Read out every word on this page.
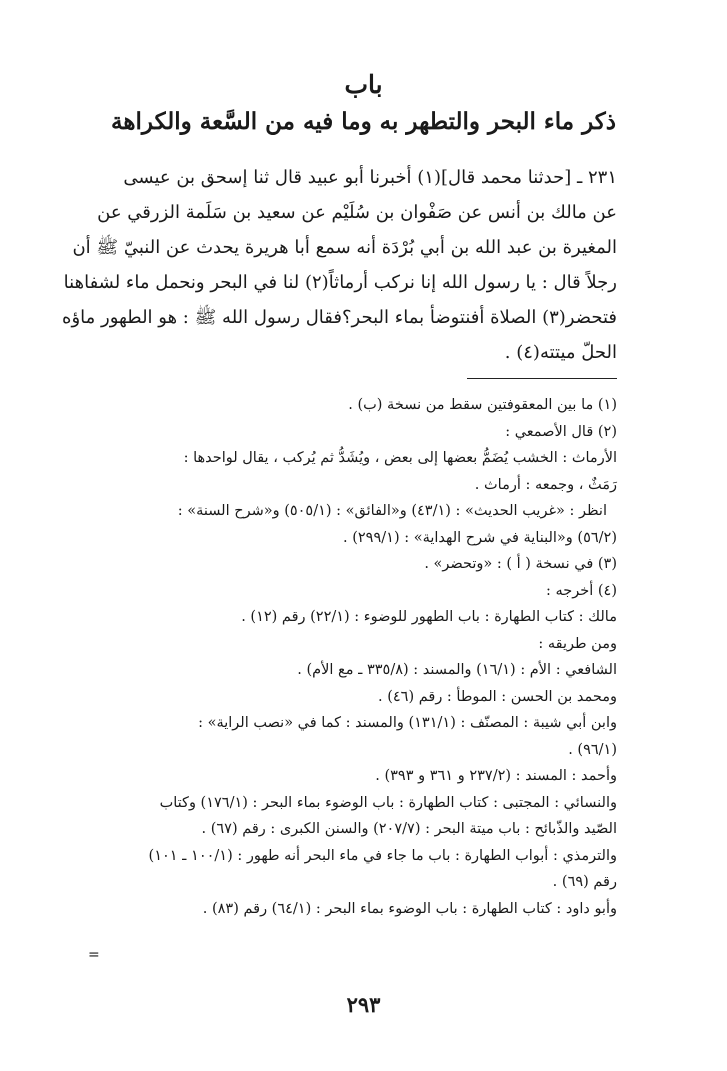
باب
ذكر ماء البحر والتطهر به وما فيه من السَّعة والكراهة
٢٣١ ـ [حدثنا محمد قال](١) أخبرنا أبو عبيد قال ثنا إسحق بن عيسى
عن مالك بن أنس عن صَفْوان بن سُلَيْم عن سعيد بن سَلَمة الزرقي عن
المغيرة بن عبد الله بن أبي بُرْدَة أنه سمع أبا هريرة يحدث عن النبيّ ﷺ أن
رجلاً قال : يا رسول الله إنا نركب أرماثاً(٢) لنا في البحر ونحمل ماء لشفاهنا
فتحضر(٣) الصلاة أفنتوضأ بماء البحر؟فقال رسول الله ﷺ : هو الطهور ماؤه
الحلّ ميتته(٤) .
(١) ما بين المعقوفتين سقط من نسخة (ب) .
(٢) قال الأصمعي :
الأرماث : الخشب يُضَمُّ بعضها إلى بعض ، ويُشَدُّ ثم يُركب ، يقال لواحدها :
رَمَثٌ ، وجمعه : أرماث .
انظر : «غريب الحديث» : (٤٣/١) و«الفائق» : (٥٠٥/١) و«شرح السنة» :
(٥٦/٢) و«البناية في شرح الهداية» : (٢٩٩/١) .
(٣) في نسخة ( أ ) : «وتحضر» .
(٤) أخرجه :
مالك : كتاب الطهارة : باب الطهور للوضوء : (٢٢/١) رقم (١٢) .
ومن طريقه :
الشافعي : الأم : (١٦/١) والمسند : (٣٣٥/٨ ـ مع الأم) .
ومحمد بن الحسن : الموطأ : رقم (٤٦) .
وابن أبي شيبة : المصنّف : (١٣١/١) والمسند : كما في «نصب الراية» :
(٩٦/١) .
وأحمد : المسند : (٢٣٧/٢ و ٣٦١ و ٣٩٣) .
والنسائي : المجتبى : كتاب الطهارة : باب الوضوء بماء البحر : (١٧٦/١) وكتاب
الصّيد والذّبائح : باب ميتة البحر : (٢٠٧/٧) والسنن الكبرى : رقم (٦٧) .
والترمذي : أبواب الطهارة : باب ما جاء في ماء البحر أنه طهور : (١٠٠/١ ـ ١٠١)
رقم (٦٩) .
وأبو داود : كتاب الطهارة : باب الوضوء بماء البحر : (٦٤/١) رقم (٨٣) .
=
٢٩٣
